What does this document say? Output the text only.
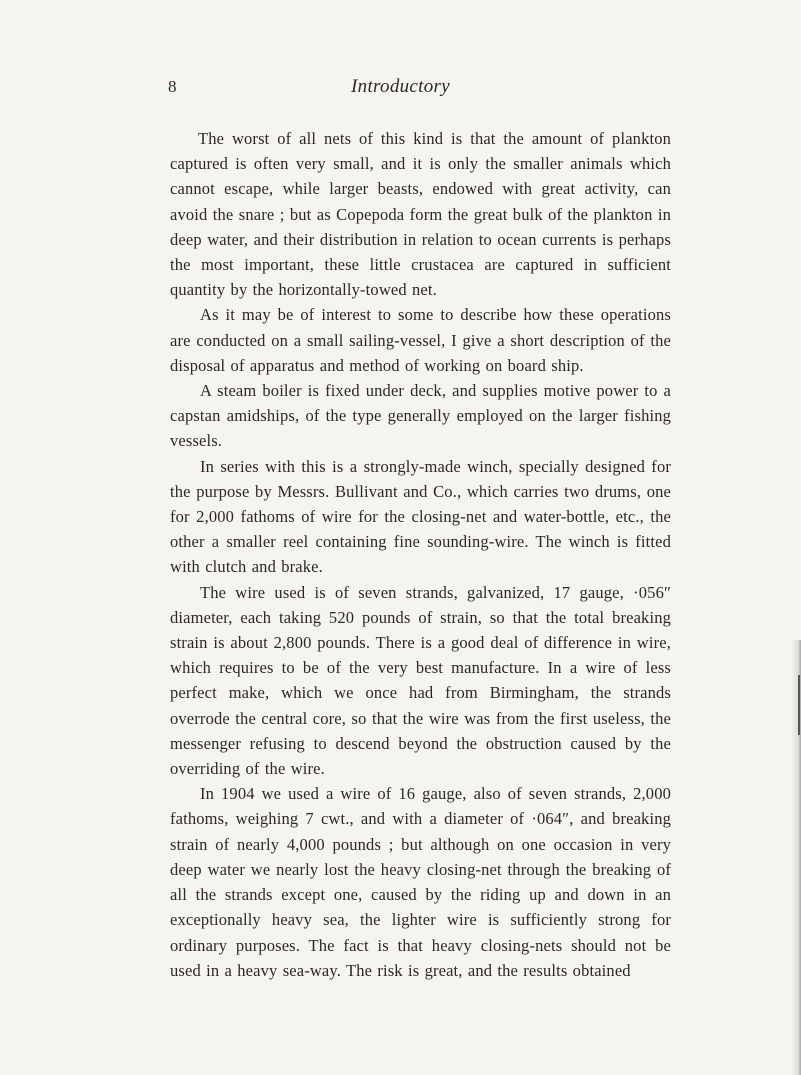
8	Introductory

The worst of all nets of this kind is that the amount of plankton captured is often very small, and it is only the smaller animals which cannot escape, while larger beasts, endowed with great activity, can avoid the snare ; but as Copepoda form the great bulk of the plankton in deep water, and their distribution in relation to ocean currents is perhaps the most important, these little crustacea are captured in sufficient quantity by the horizontally-towed net.

As it may be of interest to some to describe how these operations are conducted on a small sailing-vessel, I give a short description of the disposal of apparatus and method of working on board ship.

A steam boiler is fixed under deck, and supplies motive power to a capstan amidships, of the type generally employed on the larger fishing vessels.

In series with this is a strongly-made winch, specially designed for the purpose by Messrs. Bullivant and Co., which carries two drums, one for 2,000 fathoms of wire for the closing-net and water-bottle, etc., the other a smaller reel containing fine sounding-wire. The winch is fitted with clutch and brake.

The wire used is of seven strands, galvanized, 17 gauge, ·056″ diameter, each taking 520 pounds of strain, so that the total breaking strain is about 2,800 pounds. There is a good deal of difference in wire, which requires to be of the very best manufacture. In a wire of less perfect make, which we once had from Birmingham, the strands overrode the central core, so that the wire was from the first useless, the messenger refusing to descend beyond the obstruction caused by the overriding of the wire.

In 1904 we used a wire of 16 gauge, also of seven strands, 2,000 fathoms, weighing 7 cwt., and with a diameter of ·064″, and breaking strain of nearly 4,000 pounds ; but although on one occasion in very deep water we nearly lost the heavy closing-net through the breaking of all the strands except one, caused by the riding up and down in an exceptionally heavy sea, the lighter wire is sufficiently strong for ordinary purposes. The fact is that heavy closing-nets should not be used in a heavy sea-way. The risk is great, and the results obtained
